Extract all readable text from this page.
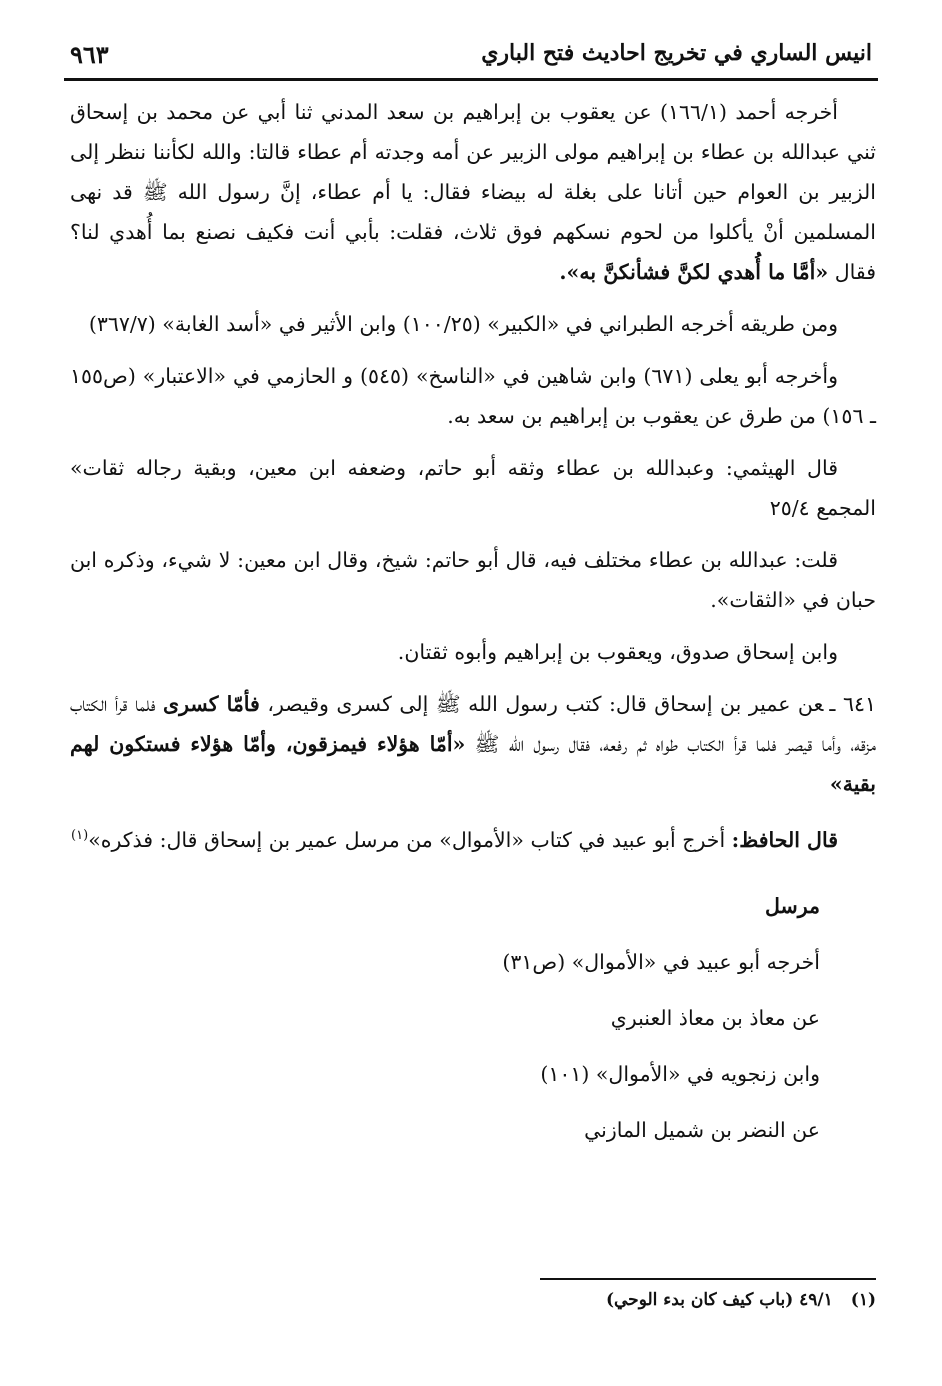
انيس الساري في تخريج احاديث فتح الباري
٩٦٣

أخرجه أحمد (١٦٦/١) عن يعقوب بن إبراهيم بن سعد المدني ثنا أبي عن محمد بن إسحاق ثني عبدالله بن عطاء بن إبراهيم مولى الزبير عن أمه وجدته أم عطاء قالتا: والله لكأننا ننظر إلى الزبير بن العوام حين أتانا على بغلة له بيضاء فقال: يا أم عطاء، إنَّ رسول الله ﷺ قد نهى المسلمين أنْ يأكلوا من لحوم نسكهم فوق ثلاث، فقلت: بأبي أنت فكيف نصنع بما أُهدي لنا؟ فقال «أمَّا ما أُهدي لكنَّ فشأنكنَّ به».

ومن طريقه أخرجه الطبراني في «الكبير» (١٠٠/٢٥) وابن الأثير في «أسد الغابة» (٣٦٧/٧)

وأخرجه أبو يعلى (٦٧١) وابن شاهين في «الناسخ» (٥٤٥) و الحازمي في «الاعتبار» (ص١٥٥ ـ ١٥٦) من طرق عن يعقوب بن إبراهيم بن سعد به.

قال الهيثمي: وعبدالله بن عطاء وثقه أبو حاتم، وضعفه ابن معين، وبقية رجاله ثقات» المجمع ٢٥/٤

قلت: عبدالله بن عطاء مختلف فيه، قال أبو حاتم: شيخ، وقال ابن معين: لا شيء، وذكره ابن حبان في «الثقات».

وابن إسحاق صدوق، ويعقوب بن إبراهيم وأبوه ثقتان.

٦٤١ ـعن عمير بن إسحاق قال: كتب رسول الله ﷺ إلى كسرى وقيصر، فأمّا كسرى فلما قرأ الكتاب مزقه، وأما قيصر فلما قرأ الكتاب طواه ثم رفعه، فقال رسول الله ﷺ «أمّا هؤلاء فيمزقون، وأمّا هؤلاء فستكون لهم بقية»

قال الحافظ: أخرج أبو عبيد في كتاب «الأموال» من مرسل عمير بن إسحاق قال: فذكره»$^{(١)}$

مرسل
أخرجه أبو عبيد في «الأموال» (ص٣١)
عن معاذ بن معاذ العنبري
وابن زنجويه في «الأموال» (١٠١)
عن النضر بن شميل المازني
(١)٤٩/١ (باب كيف كان بدء الوحي)
